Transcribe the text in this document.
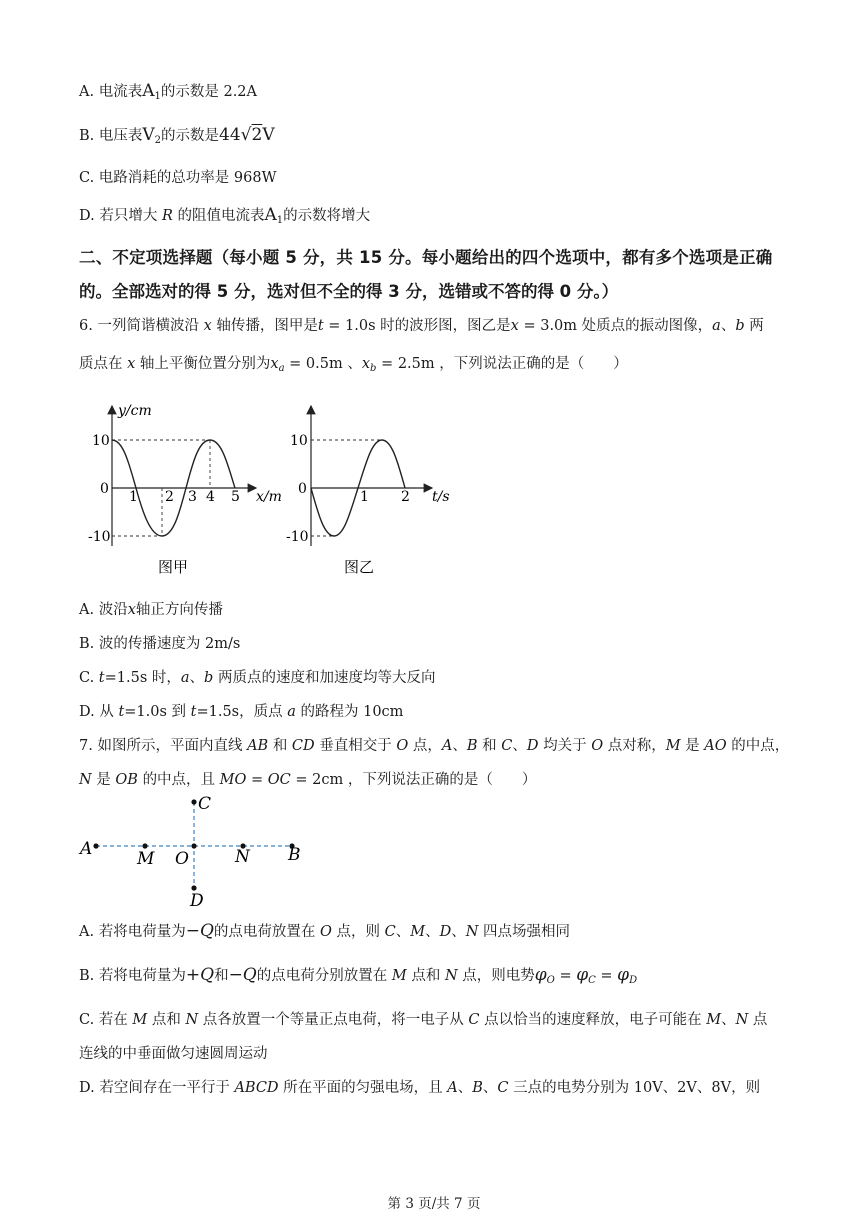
A. 电流表$A_1$的示数是 2.2A
B. 电压表$V_2$的示数是44√2V
C. 电路消耗的总功率是 968W
D. 若只增大 R 的阻值电流表$A_1$的示数将增大
二、不定项选择题（每小题 5 分，共 15 分。每小题给出的四个选项中，都有多个选项是正确
的。全部选对的得 5 分，选对但不全的得 3 分，选错或不答的得 0 分。）
6. 一列简谐横波沿 x 轴传播，图甲是t = 1.0s 时的波形图，图乙是x = 3.0m 处质点的振动图像，a、b 两
质点在 x 轴上平衡位置分别为$x_a = 0.5m$ 、$x_b = 2.5m$ ，下列说法正确的是（　　）
y/cm
10
0
-10
1 2 3 4 5 x/m
图甲
10
0
-10
1 2 t/s
图乙
A. 波沿x轴正方向传播
B. 波的传播速度为 2m/s
C. t=1.5s 时，a、b 两质点的速度和加速度均等大反向
D. 从 t=1.0s 到 t=1.5s，质点 a 的路程为 10cm
7. 如图所示，平面内直线 AB 和 CD 垂直相交于 O 点，A、B 和 C、D 均关于 O 点对称，M 是 AO 的中点，
N 是 OB 的中点，且 MO = OC = 2cm ，下列说法正确的是（　　）
A	M O	N B
C
D
A. 若将电荷量为−Q的点电荷放置在 O 点，则 C、M、D、N 四点场强相同
B. 若将电荷量为+Q和−Q的点电荷分别放置在 M 点和 N 点，则电势$\varphi_O = \varphi_C = \varphi_D$
C. 若在 M 点和 N 点各放置一个等量正点电荷，将一电子从 C 点以恰当的速度释放，电子可能在 M、N 点
连线的中垂面做匀速圆周运动
D. 若空间存在一平行于 ABCD 所在平面的匀强电场，且 A、B、C 三点的电势分别为 10V、2V、8V，则
第 3 页/共 7 页
